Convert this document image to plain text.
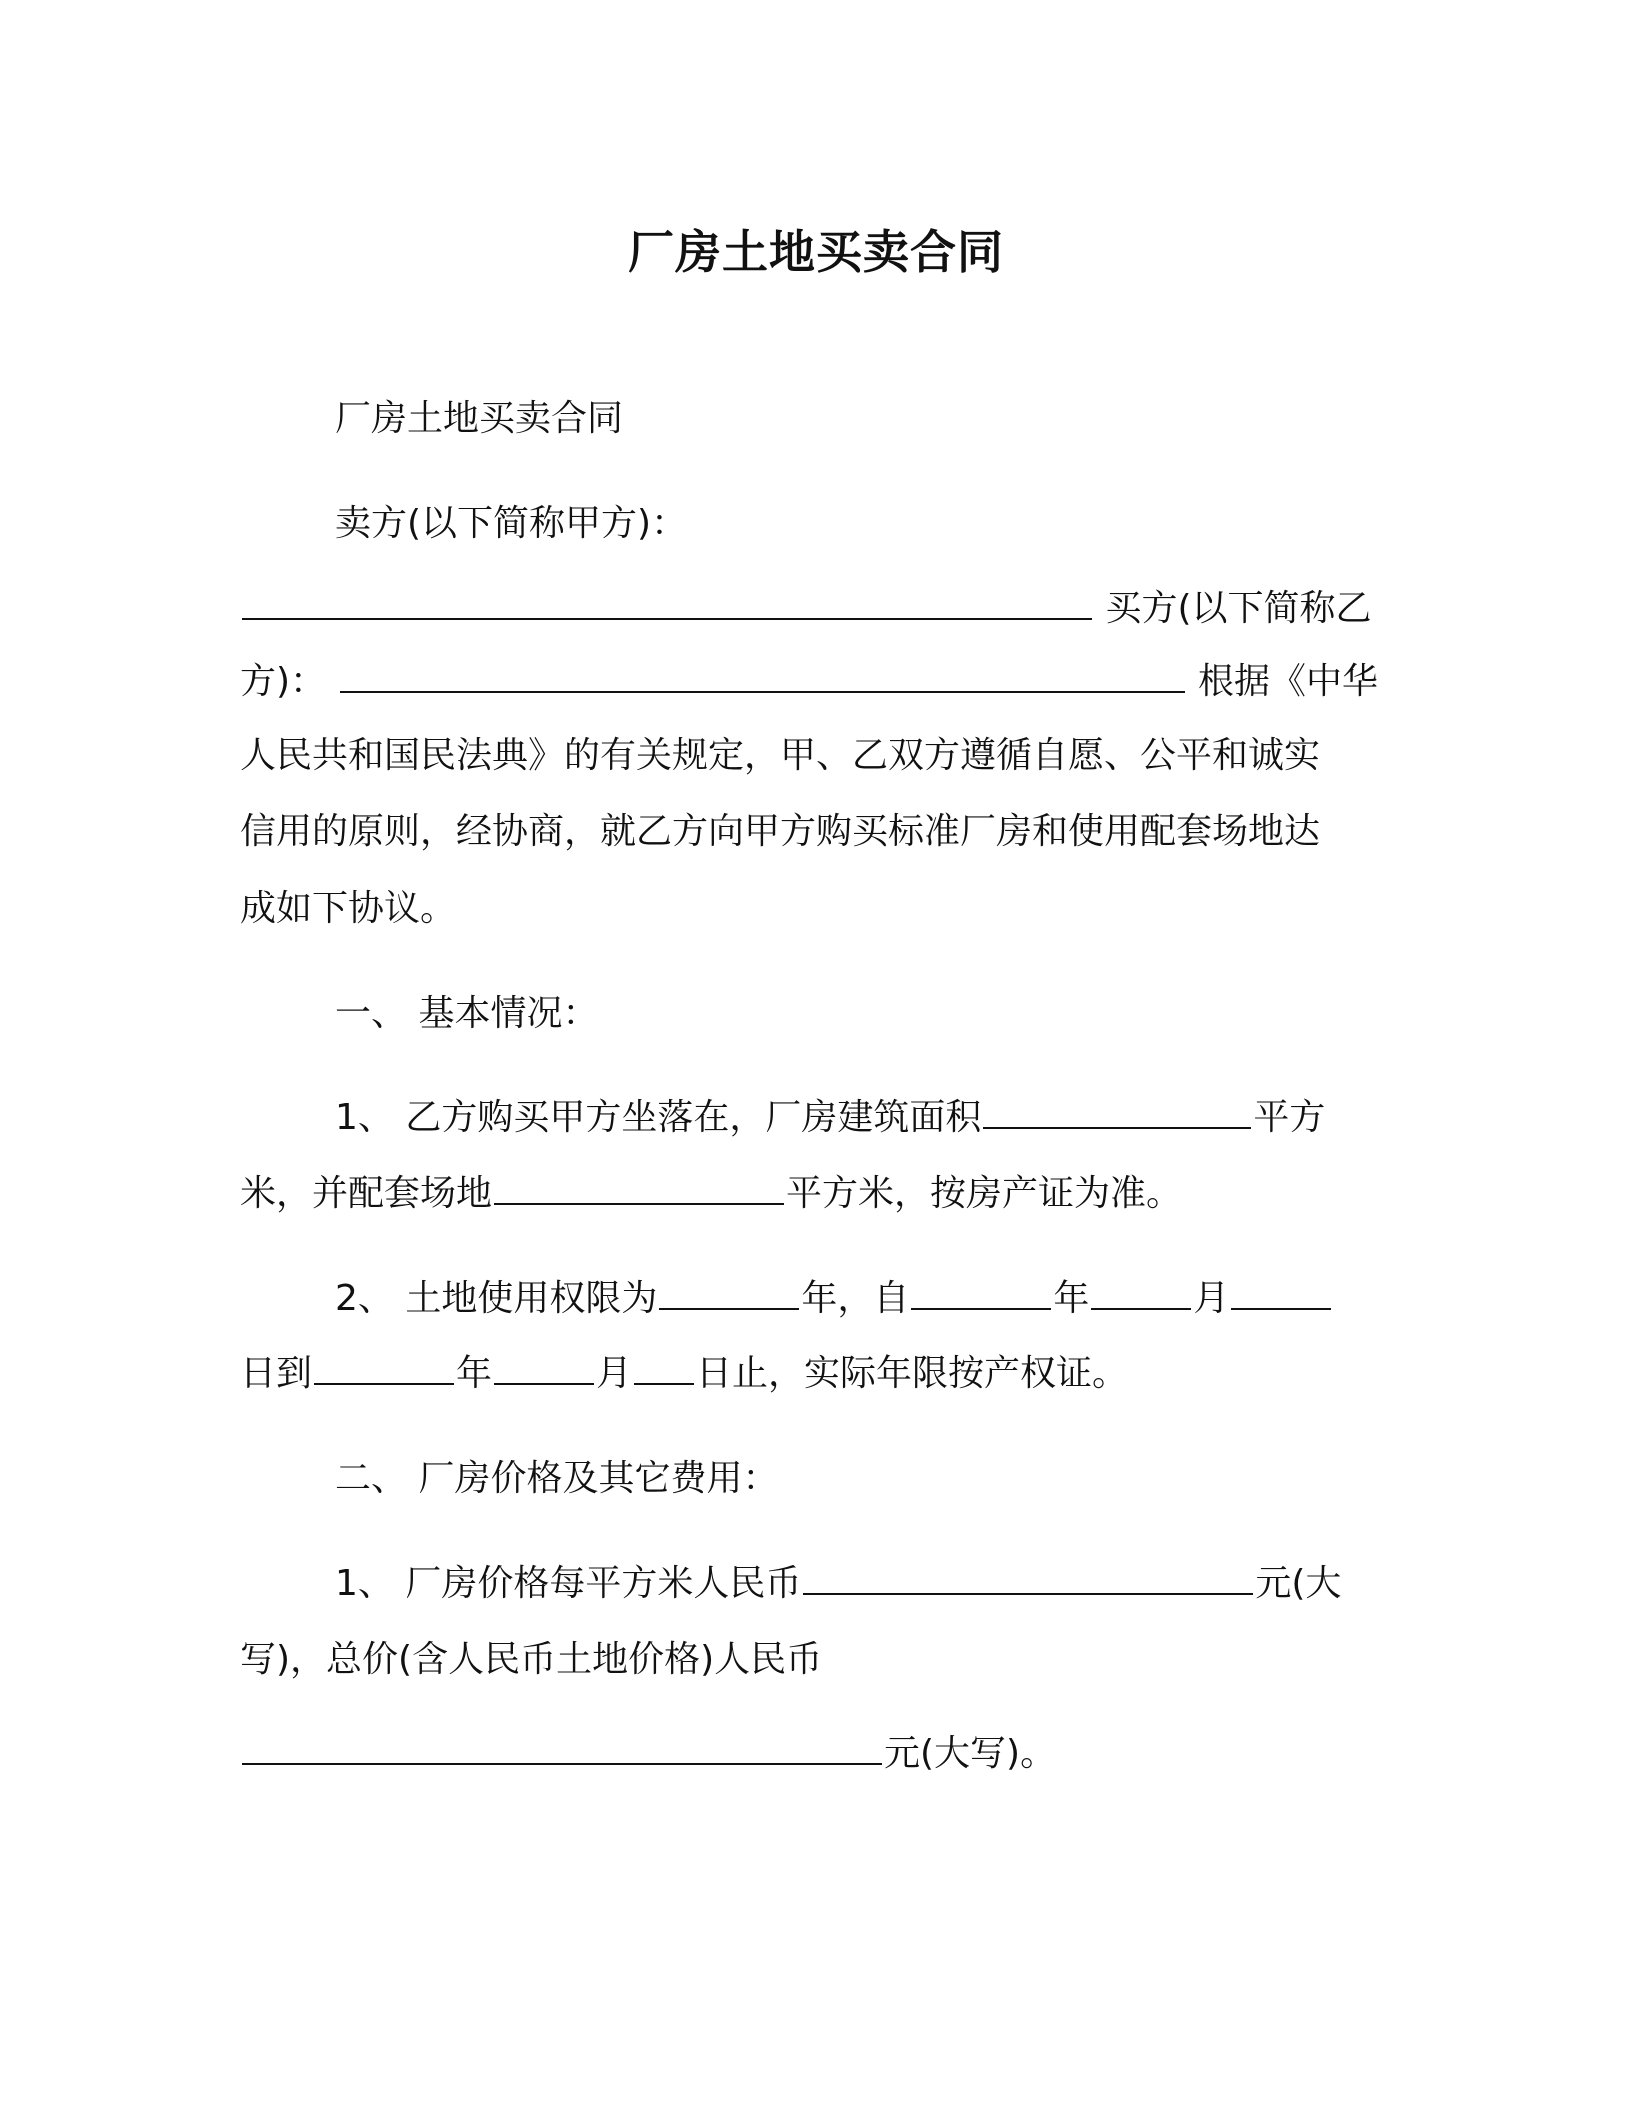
厂房土地买卖合同

厂房土地买卖合同

卖方(以下简称甲方)：

买方(以下简称乙

方)：	根据《中华

人民共和国民法典》的有关规定，甲、乙双方遵循自愿、公平和诚实

信用的原则，经协商，就乙方向甲方购买标准厂房和使用配套场地达

成如下协议。

一、 基本情况：

1、 乙方购买甲方坐落在，厂房建筑面积	平方

米，并配套场地	平方米，按房产证为准。

2、 土地使用权限为	年，自	年	月

日到	年	月 日止，实际年限按产权证。

二、 厂房价格及其它费用：

1、 厂房价格每平方米人民币	元(大

写)，总价(含人民币土地价格)人民币

元(大写)。
